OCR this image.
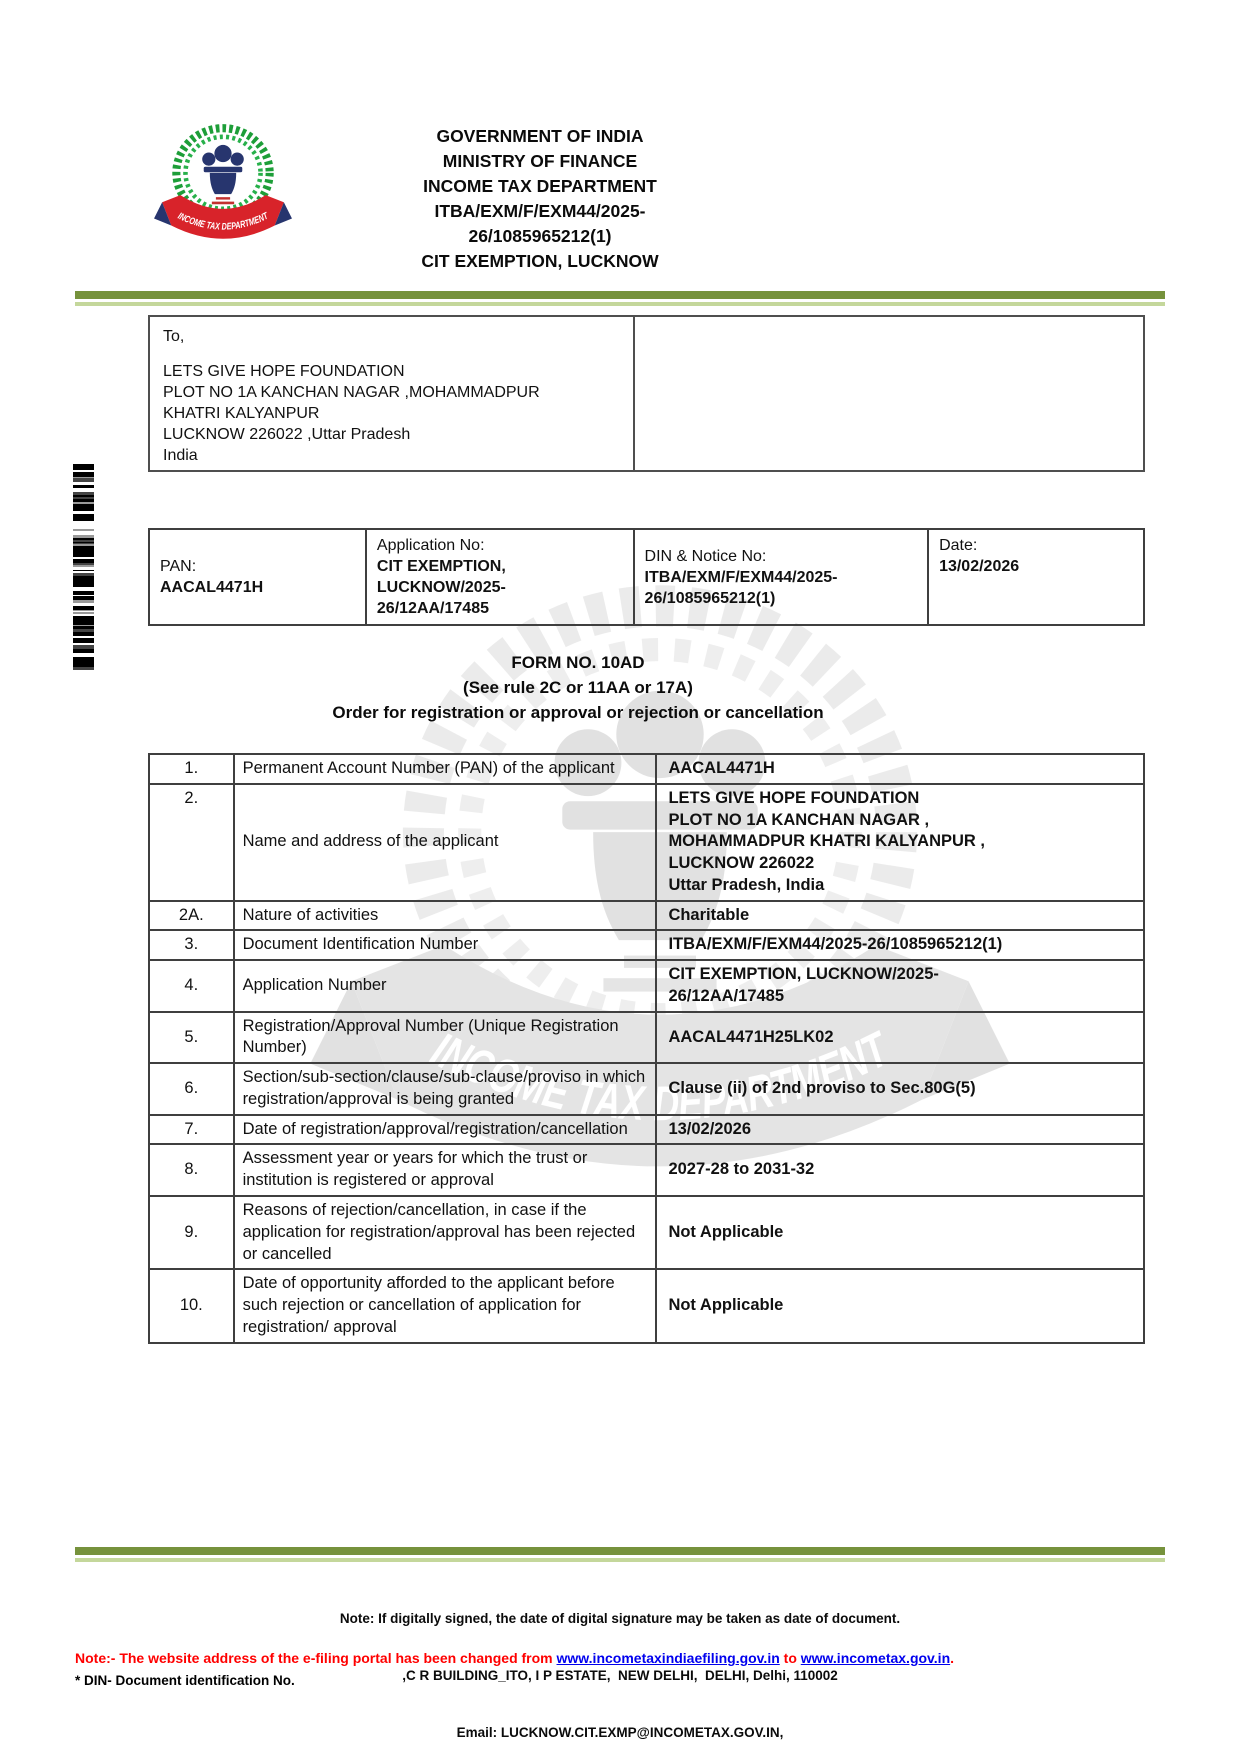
GOVERNMENT OF INDIA
MINISTRY OF FINANCE
INCOME TAX DEPARTMENT
ITBA/EXM/F/EXM44/2025-
26/1085965212(1)
CIT EXEMPTION, LUCKNOW
To,
LETS GIVE HOPE FOUNDATION
PLOT NO 1A KANCHAN NAGAR ,MOHAMMADPUR
KHATRI KALYANPUR
LUCKNOW 226022 ,Uttar Pradesh
India
PAN:
AACAL4471H

Application No:
CIT EXEMPTION,
LUCKNOW/2025-
26/12AA/17485

DIN & Notice No:
ITBA/EXM/F/EXM44/2025-
26/1085965212(1)

Date:
13/02/2026
FORM NO. 10AD
(See rule 2C or 11AA or 17A)
Order for registration or approval or rejection or cancellation
1.	Permanent Account Number (PAN) of the applicant	AACAL4471H
2.	Name and address of the applicant	LETS GIVE HOPE FOUNDATION
PLOT NO 1A KANCHAN NAGAR ,
MOHAMMADPUR KHATRI KALYANPUR ,
LUCKNOW 226022
Uttar Pradesh, India
2A.	Nature of activities	Charitable
3.	Document Identification Number	ITBA/EXM/F/EXM44/2025-26/1085965212(1)
4.	Application Number	CIT EXEMPTION, LUCKNOW/2025-
26/12AA/17485
5.	Registration/Approval Number (Unique Registration Number)	AACAL4471H25LK02
6.	Section/sub-section/clause/sub-clause/proviso in which registration/approval is being granted	Clause (ii) of 2nd proviso to Sec.80G(5)
7.	Date of registration/approval/registration/cancellation	13/02/2026
8.	Assessment year or years for which the trust or institution is registered or approval	2027-28 to 2031-32
9.	Reasons of rejection/cancellation, in case if the application for registration/approval has been rejected or cancelled	Not Applicable
10.	Date of opportunity afforded to the applicant before such rejection or cancellation of application for registration/ approval	Not Applicable

Note: If digitally signed, the date of digital signature may be taken as date of document.

,C R BUILDING_ITO, I P ESTATE,  NEW DELHI,  DELHI, Delhi, 110002

Email: LUCKNOW.CIT.EXMP@INCOMETAX.GOV.IN,

Note:- The website address of the e-filing portal has been changed from www.incometaxindiaefiling.gov.in to www.incometax.gov.in.
* DIN- Document identification No.
